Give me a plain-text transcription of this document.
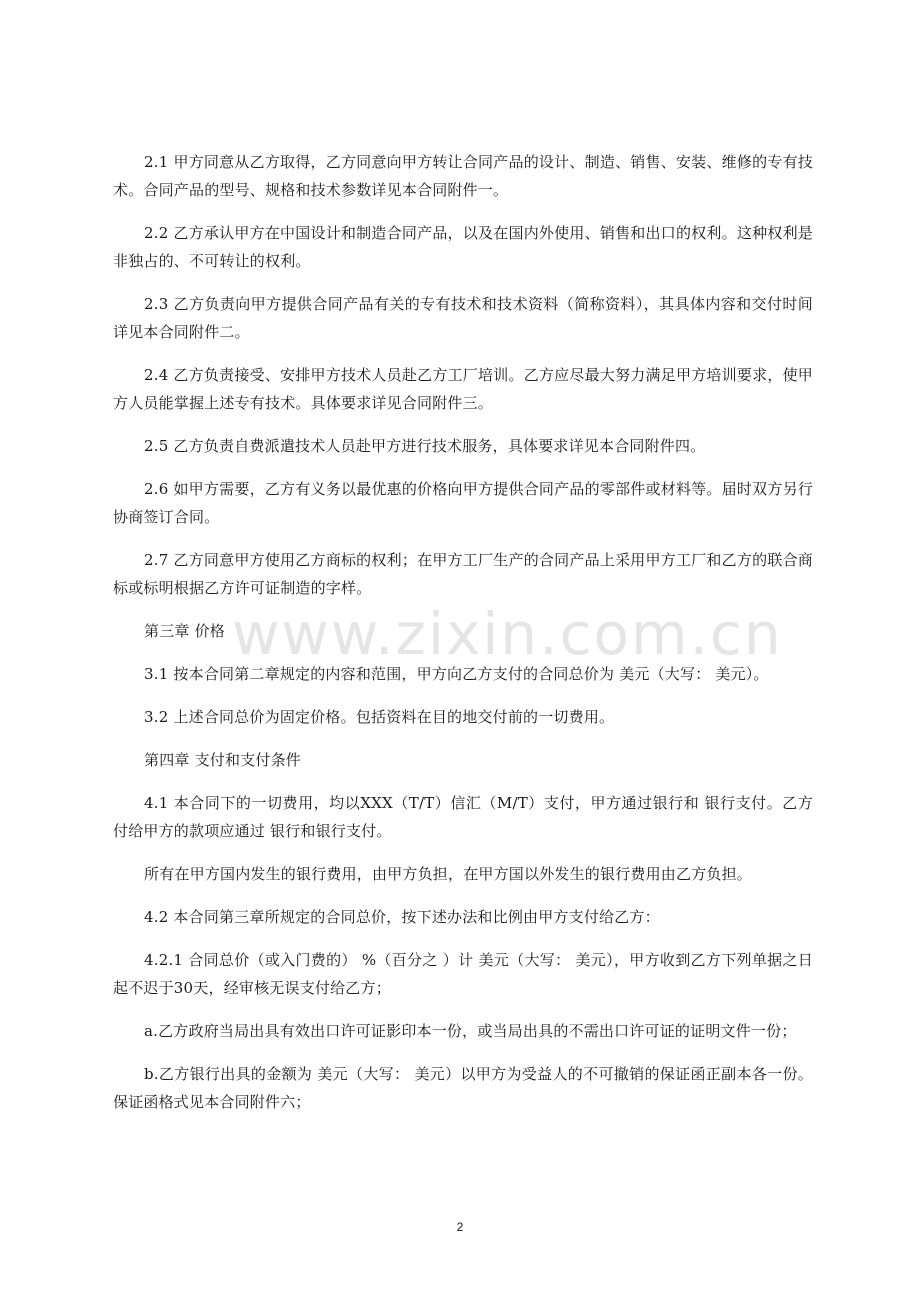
2.1 甲方同意从乙方取得，乙方同意向甲方转让合同产品的设计、制造、销售、安装、维修的专有技术。合同产品的型号、规格和技术参数详见本合同附件一。

2.2 乙方承认甲方在中国设计和制造合同产品，以及在国内外使用、销售和出口的权利。这种权利是非独占的、不可转让的权利。

2.3 乙方负责向甲方提供合同产品有关的专有技术和技术资料（简称资料），其具体内容和交付时间详见本合同附件二。

2.4 乙方负责接受、安排甲方技术人员赴乙方工厂培训。乙方应尽最大努力满足甲方培训要求，使甲方人员能掌握上述专有技术。具体要求详见合同附件三。

2.5 乙方负责自费派遣技术人员赴甲方进行技术服务，具体要求详见本合同附件四。

2.6 如甲方需要，乙方有义务以最优惠的价格向甲方提供合同产品的零部件或材料等。届时双方另行协商签订合同。

2.7 乙方同意甲方使用乙方商标的权利；在甲方工厂生产的合同产品上采用甲方工厂和乙方的联合商标或标明根据乙方许可证制造的字样。

第三章 价格

3.1 按本合同第二章规定的内容和范围，甲方向乙方支付的合同总价为 美元（大写： 美元）。

3.2 上述合同总价为固定价格。包括资料在目的地交付前的一切费用。

第四章 支付和支付条件

4.1 本合同下的一切费用，均以XXX（T/T）信汇（M/T）支付，甲方通过银行和 银行支付。乙方付给甲方的款项应通过 银行和银行支付。

所有在甲方国内发生的银行费用，由甲方负担，在甲方国以外发生的银行费用由乙方负担。

4.2 本合同第三章所规定的合同总价，按下述办法和比例由甲方支付给乙方：

4.2.1 合同总价（或入门费的） %（百分之 ）计 美元（大写： 美元），甲方收到乙方下列单据之日起不迟于30天，经审核无误支付给乙方；

a.乙方政府当局出具有效出口许可证影印本一份，或当局出具的不需出口许可证的证明文件一份；

b.乙方银行出具的金额为 美元（大写： 美元）以甲方为受益人的不可撤销的保证函正副本各一份。保证函格式见本合同附件六；

www.zixin.com.cn
2
